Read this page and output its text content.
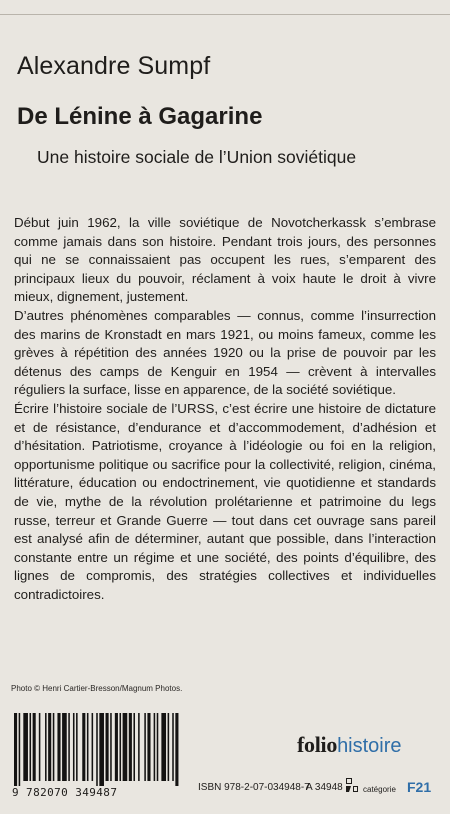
Alexandre Sumpf
De Lénine à Gagarine
Une histoire sociale de l’Union soviétique

Début juin 1962, la ville soviétique de Novotcherkassk s’embrase comme jamais dans son histoire. Pendant trois jours, des personnes qui ne se connaissaient pas occupent les rues, s’emparent des principaux lieux du pouvoir, réclament à voix haute le droit à vivre mieux, dignement, justement.

D’autres phénomènes comparables — connus, comme l’insurrection des marins de Kronstadt en mars 1921, ou moins fameux, comme les grèves à répétition des années 1920 ou la prise de pouvoir par les détenus des camps de Kenguir en 1954 — crèvent à intervalles réguliers la surface, lisse en apparence, de la société soviétique.

Écrire l’histoire sociale de l’URSS, c’est écrire une histoire de dictature et de résistance, d’endurance et d’accommodement, d’adhésion et d’hésitation. Patriotisme, croyance à l’idéologie ou foi en la religion, opportunisme politique ou sacrifice pour la collectivité, religion, cinéma, littérature, éducation ou endoctrinement, vie quotidienne et standards de vie, mythe de la révolution prolétarienne et patrimoine du legs russe, terreur et Grande Guerre — tout dans cet ouvrage sans pareil est analysé afin de déterminer, autant que possible, dans l’interaction constante entre un régime et une société, des points d’équilibre, des lignes de compromis, des stratégies collectives et individuelles contradictoires.

Photo © Henri Cartier-Bresson/Magnum Photos.
9 782070 349487
foliohistoire
ISBN 978-2-07-034948-7
A 34948	catégorie F21
